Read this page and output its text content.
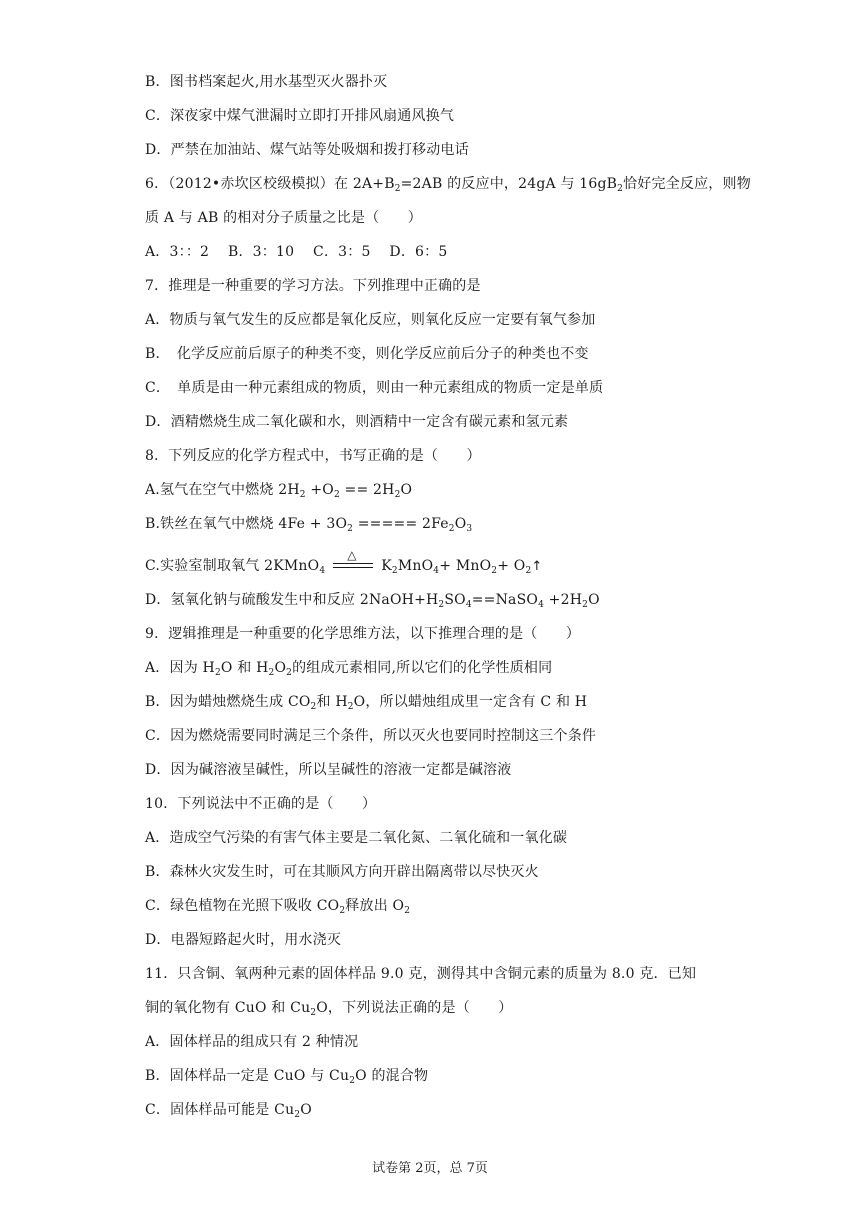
B．图书档案起火,用水基型灭火器扑灭
C．深夜家中煤气泄漏时立即打开排风扇通风换气
D．严禁在加油站、煤气站等处吸烟和拨打移动电话
6．（2012•赤坎区校级模拟）在 $2A+B_2=2AB$ 的反应中，24gA 与 $16gB_2$恰好完全反应，则物
质 A 与 AB 的相对分子质量之比是（　　）
A．3：：2　 B．3：10　 C．3：5　 D．6：5
7．推理是一种重要的学习方法。下列推理中正确的是
A．物质与氧气发生的反应都是氧化反应，则氧化反应一定要有氧气参加
B．　化学反应前后原子的种类不变，则化学反应前后分子的种类也不变
C．　单质是由一种元素组成的物质，则由一种元素组成的物质一定是单质
D．酒精燃烧生成二氧化碳和水，则酒精中一定含有碳元素和氢元素
8．下列反应的化学方程式中，书写正确的是（　　）
A.氢气在空气中燃烧 $2H_2 +O_2 == 2H_2O$
B.铁丝在氧气中燃烧 $4Fe + 3O_2$ ===== $2Fe_2O_3$
C.实验室制取氧气 2KMnO$_4$
△
$K_2MnO_4+ MnO_2+$ $O_2↑$
D．氢氧化钠与硫酸发生中和反应 $2NaOH+H_2SO_4==NaSO_4 +2H_2O$
9．逻辑推理是一种重要的化学思维方法，以下推理合理的是（　　）
A．因为 $H_2O$ 和 $H_2O_2$的组成元素相同,所以它们的化学性质相同
B．因为蜡烛燃烧生成 $CO_2$和 $H_2O$，所以蜡烛组成里一定含有 C 和 H
C．因为燃烧需要同时满足三个条件，所以灭火也要同时控制这三个条件
D．因为碱溶液呈碱性，所以呈碱性的溶液一定都是碱溶液
10．下列说法中不正确的是（　　）
A．造成空气污染的有害气体主要是二氧化氮、二氧化硫和一氧化碳
B．森林火灾发生时，可在其顺风方向开辟出隔离带以尽快灭火
C．绿色植物在光照下吸收 $CO_2$释放出 $O_2$
D．电器短路起火时，用水浇灭
11．只含铜、氧两种元素的固体样品 9.0 克，测得其中含铜元素的质量为 8.0 克．已知
铜的氧化物有 CuO 和 $Cu_2O$，下列说法正确的是（　　）
A．固体样品的组成只有 2 种情况
B．固体样品一定是 CuO 与 $Cu_2O$ 的混合物
C．固体样品可能是 $Cu_2O$
试卷第 2页，总 7页
